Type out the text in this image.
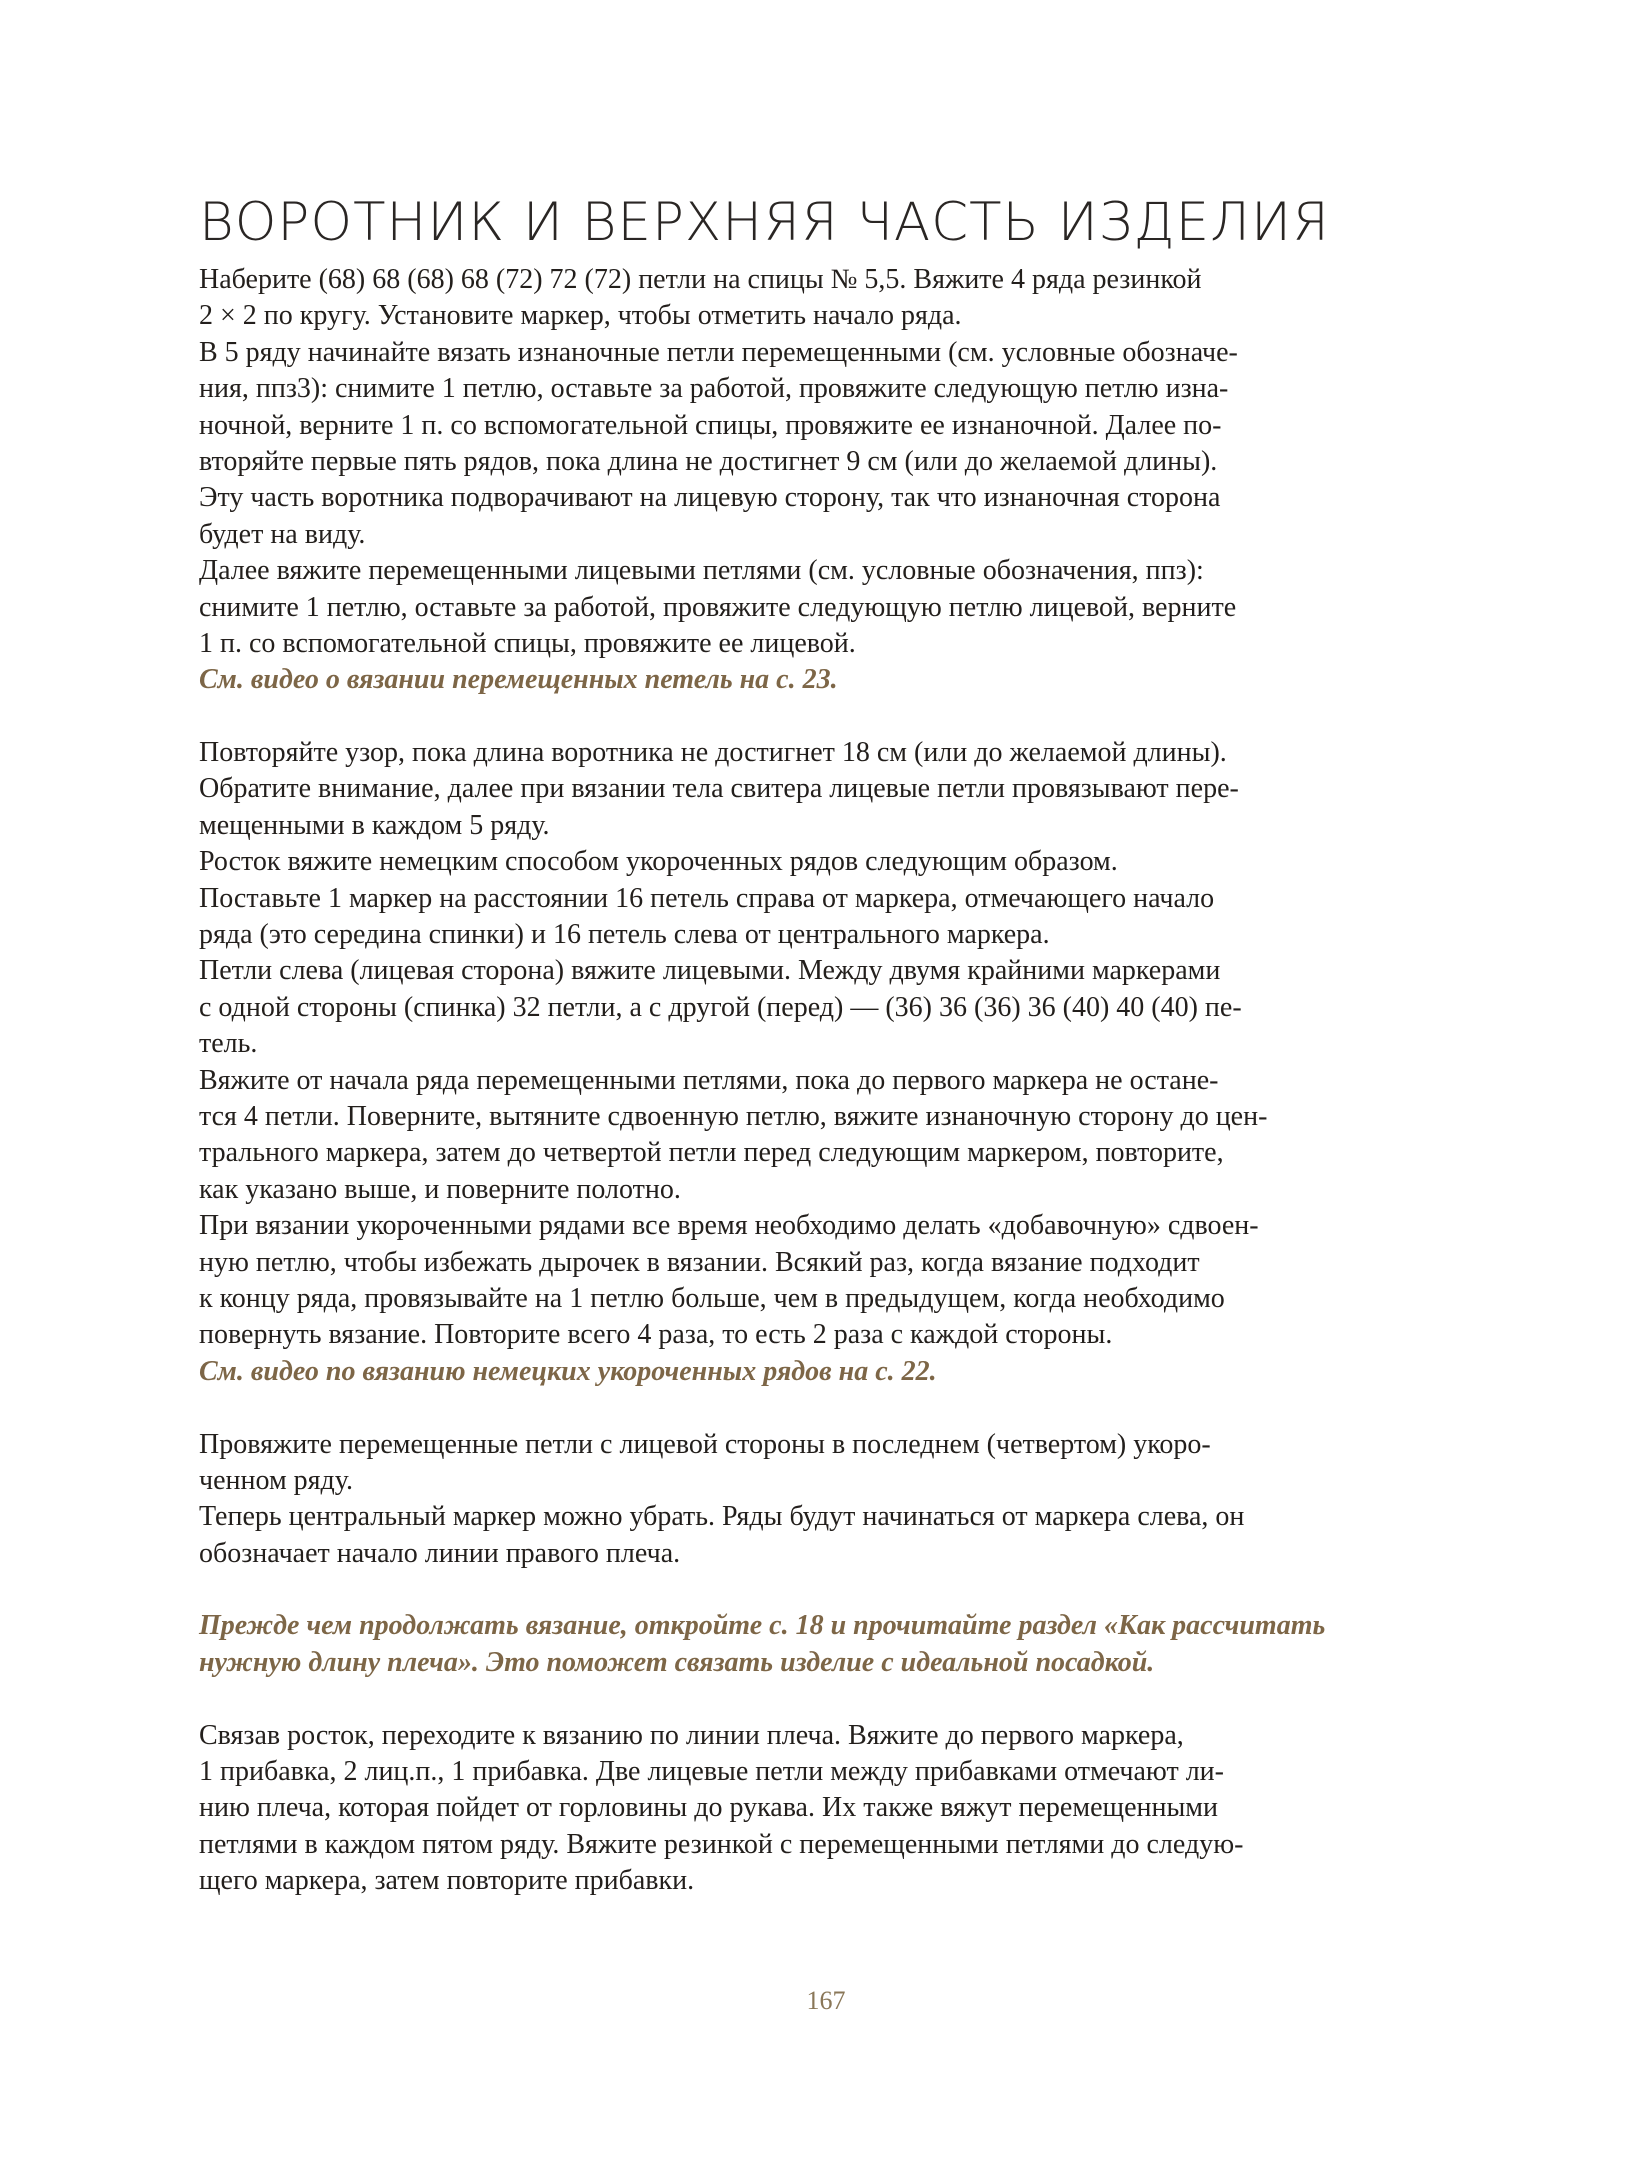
ВОРОТНИК И ВЕРХНЯЯ ЧАСТЬ ИЗДЕЛИЯ
Наберите (68) 68 (68) 68 (72) 72 (72) петли на спицы № 5,5. Вяжите 4 ряда резинкой
2 × 2 по кругу. Установите маркер, чтобы отметить начало ряда.
В 5 ряду начинайте вязать изнаночные петли перемещенными (см. условные обозначе-
ния, ппз3): снимите 1 петлю, оставьте за работой, провяжите следующую петлю изна-
ночной, верните 1 п. со вспомогательной спицы, провяжите ее изнаночной. Далее по-
вторяйте первые пять рядов, пока длина не достигнет 9 см (или до желаемой длины).
Эту часть воротника подворачивают на лицевую сторону, так что изнаночная сторона
будет на виду.
Далее вяжите перемещенными лицевыми петлями (см. условные обозначения, ппз):
снимите 1 петлю, оставьте за работой, провяжите следующую петлю лицевой, верните
1 п. со вспомогательной спицы, провяжите ее лицевой.
См. видео о вязании перемещенных петель на с. 23.
Повторяйте узор, пока длина воротника не достигнет 18 см (или до желаемой длины).
Обратите внимание, далее при вязании тела свитера лицевые петли провязывают пере-
мещенными в каждом 5 ряду.
Росток вяжите немецким способом укороченных рядов следующим образом.
Поставьте 1 маркер на расстоянии 16 петель справа от маркера, отмечающего начало
ряда (это середина спинки) и 16 петель слева от центрального маркера.
Петли слева (лицевая сторона) вяжите лицевыми. Между двумя крайними маркерами
с одной стороны (спинка) 32 петли, а с другой (перед) — (36) 36 (36) 36 (40) 40 (40) пе-
тель.
Вяжите от начала ряда перемещенными петлями, пока до первого маркера не остане-
тся 4 петли. Поверните, вытяните сдвоенную петлю, вяжите изнаночную сторону до цен-
трального маркера, затем до четвертой петли перед следующим маркером, повторите,
как указано выше, и поверните полотно.
При вязании укороченными рядами все время необходимо делать «добавочную» сдвоен-
ную петлю, чтобы избежать дырочек в вязании. Всякий раз, когда вязание подходит
к концу ряда, провязывайте на 1 петлю больше, чем в предыдущем, когда необходимо
повернуть вязание. Повторите всего 4 раза, то есть 2 раза с каждой стороны.
См. видео по вязанию немецких укороченных рядов на с. 22.
Провяжите перемещенные петли с лицевой стороны в последнем (четвертом) укоро-
ченном ряду.
Теперь центральный маркер можно убрать. Ряды будут начинаться от маркера слева, он
обозначает начало линии правого плеча.
Прежде чем продолжать вязание, откройте с. 18 и прочитайте раздел «Как рассчитать
нужную длину плеча». Это поможет связать изделие с идеальной посадкой.
Связав росток, переходите к вязанию по линии плеча. Вяжите до первого маркера,
1 прибавка, 2 лиц.п., 1 прибавка. Две лицевые петли между прибавками отмечают ли-
нию плеча, которая пойдет от горловины до рукава. Их также вяжут перемещенными
петлями в каждом пятом ряду. Вяжите резинкой с перемещенными петлями до следую-
щего маркера, затем повторите прибавки.
167
